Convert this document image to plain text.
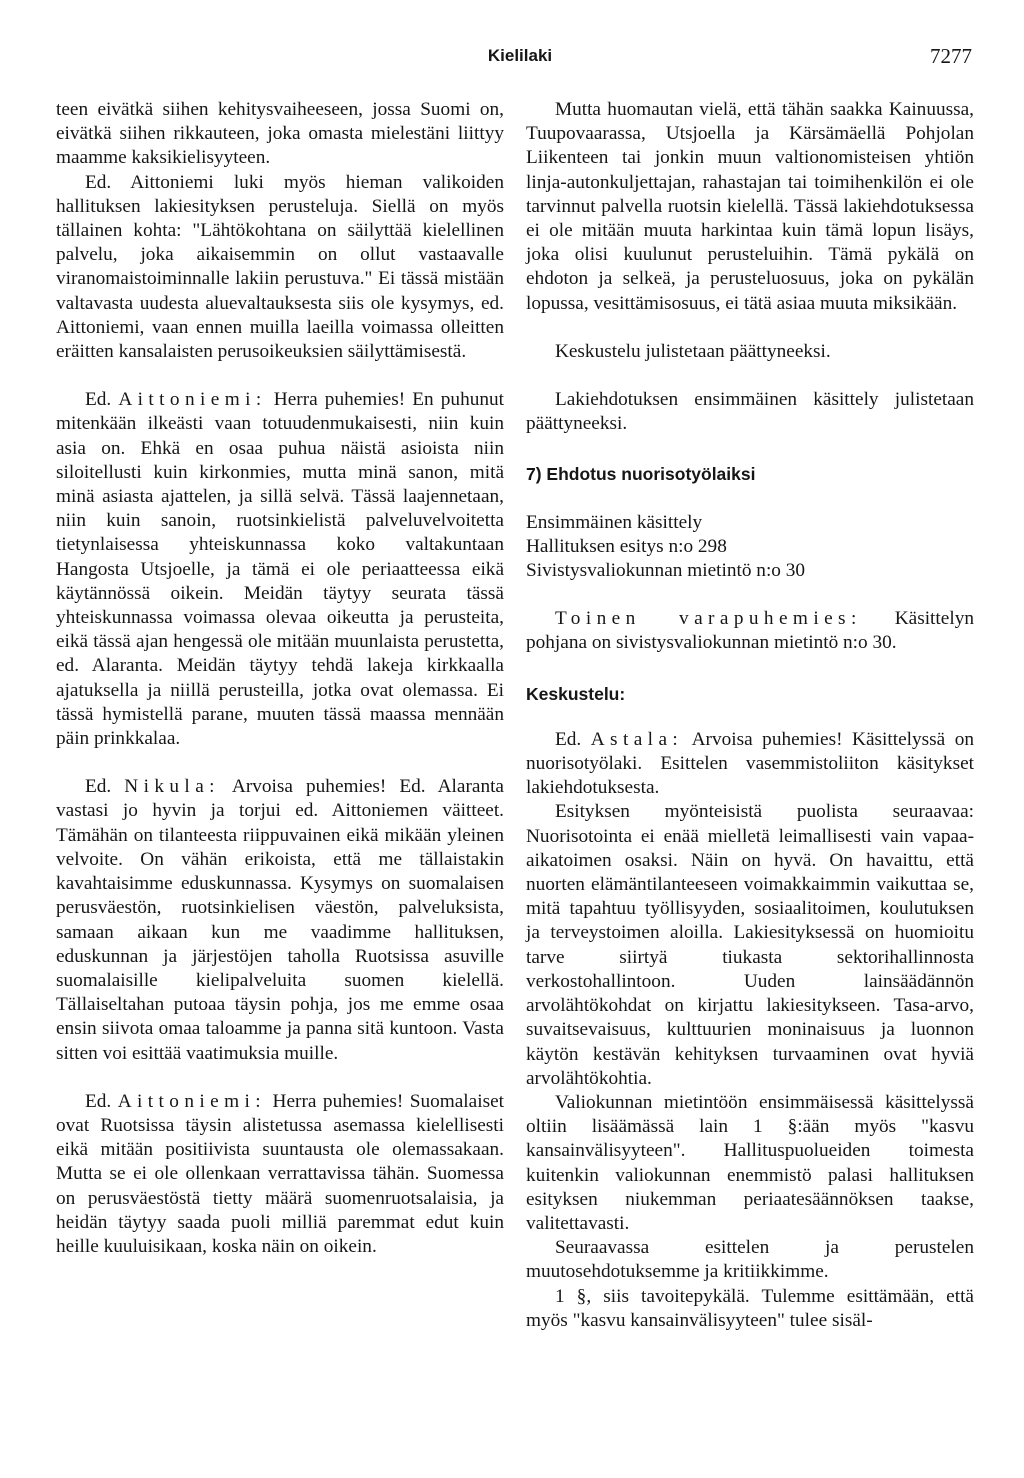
Kielilaki	7277

teen eivätkä siihen kehitysvaiheeseen, jossa Suomi on, eivätkä siihen rikkauteen, joka omasta mielestäni liittyy maamme kaksikielisyyteen.

Ed. Aittoniemi luki myös hieman valikoiden hallituksen lakiesityksen perusteluja. Siellä on myös tällainen kohta: "Lähtökohtana on säilyttää kielellinen palvelu, joka aikaisemmin on ollut vastaavalle viranomaistoiminnalle lakiin perustuva." Ei tässä mistään valtavasta uudesta aluevaltauksesta siis ole kysymys, ed. Aittoniemi, vaan ennen muilla laeilla voimassa olleitten eräitten kansalaisten perusoikeuksien säilyttämisestä.

Ed. Aittoniemi: Herra puhemies! En puhunut mitenkään ilkeästi vaan totuudenmukaisesti, niin kuin asia on. Ehkä en osaa puhua näistä asioista niin siloitellusti kuin kirkonmies, mutta minä sanon, mitä minä asiasta ajattelen, ja sillä selvä. Tässä laajennetaan, niin kuin sanoin, ruotsinkielistä palveluvelvoitetta tietynlaisessa yhteiskunnassa koko valtakuntaan Hangosta Utsjoelle, ja tämä ei ole periaatteessa eikä käytännössä oikein. Meidän täytyy seurata tässä yhteiskunnassa voimassa olevaa oikeutta ja perusteita, eikä tässä ajan hengessä ole mitään muunlaista perustetta, ed. Alaranta. Meidän täytyy tehdä lakeja kirkkaalla ajatuksella ja niillä perusteilla, jotka ovat olemassa. Ei tässä hymistellä parane, muuten tässä maassa mennään päin prinkkalaa.

Ed. Nikula: Arvoisa puhemies! Ed. Alaranta vastasi jo hyvin ja torjui ed. Aittoniemen väitteet. Tämähän on tilanteesta riippuvainen eikä mikään yleinen velvoite. On vähän erikoista, että me tällaistakin kavahtaisimme eduskunnassa. Kysymys on suomalaisen perusväestön, ruotsinkielisen väestön, palveluksista, samaan aikaan kun me vaadimme hallituksen, eduskunnan ja järjestöjen taholla Ruotsissa asuville suomalaisille kielipalveluita suomen kielellä. Tällaiseltahan putoaa täysin pohja, jos me emme osaa ensin siivota omaa taloamme ja panna sitä kuntoon. Vasta sitten voi esittää vaatimuksia muille.

Ed. Aittoniemi: Herra puhemies! Suomalaiset ovat Ruotsissa täysin alistetussa asemassa kielellisesti eikä mitään positiivista suuntausta ole olemassakaan. Mutta se ei ole ollenkaan verrattavissa tähän. Suomessa on perusväestöstä tietty määrä suomenruotsalaisia, ja heidän täytyy saada puoli milliä paremmat edut kuin heille kuuluisikaan, koska näin on oikein.

Mutta huomautan vielä, että tähän saakka Kainuussa, Tuupovaarassa, Utsjoella ja Kärsämäellä Pohjolan Liikenteen tai jonkin muun valtionomisteisen yhtiön linja-autonkuljettajan, rahastajan tai toimihenkilön ei ole tarvinnut palvella ruotsin kielellä. Tässä lakiehdotuksessa ei ole mitään muuta harkintaa kuin tämä lopun lisäys, joka olisi kuulunut perusteluihin. Tämä pykälä on ehdoton ja selkeä, ja perusteluosuus, joka on pykälän lopussa, vesittämisosuus, ei tätä asiaa muuta miksikään.

Keskustelu julistetaan päättyneeksi.

Lakiehdotuksen ensimmäinen käsittely julistetaan päättyneeksi.

7) Ehdotus nuorisotyölaiksi
Ensimmäinen käsittely
Hallituksen esitys n:o 298
Sivistysvaliokunnan mietintö n:o 30

Toinen varapuhemies: Käsittelyn pohjana on sivistysvaliokunnan mietintö n:o 30.

Keskustelu:

Ed. Astala: Arvoisa puhemies! Käsittelyssä on nuorisotyölaki. Esittelen vasemmistoliiton käsitykset lakiehdotuksesta.

Esityksen myönteisistä puolista seuraavaa: Nuorisotointa ei enää mielletä leimallisesti vain vapaa-aikatoimen osaksi. Näin on hyvä. On havaittu, että nuorten elämäntilanteeseen voimakkaimmin vaikuttaa se, mitä tapahtuu työllisyyden, sosiaalitoimen, koulutuksen ja terveystoimen aloilla. Lakiesityksessä on huomioitu tarve siirtyä tiukasta sektorihallinnosta verkostohallintoon. Uuden lainsäädännön arvolähtökohdat on kirjattu lakiesitykseen. Tasa-arvo, suvaitsevaisuus, kulttuurien moninaisuus ja luonnon käytön kestävän kehityksen turvaaminen ovat hyviä arvolähtökohtia.

Valiokunnan mietintöön ensimmäisessä käsittelyssä oltiin lisäämässä lain 1 §:ään myös "kasvu kansainvälisyyteen". Hallituspuolueiden toimesta kuitenkin valiokunnan enemmistö palasi hallituksen esityksen niukemman periaatesäännöksen taakse, valitettavasti.

Seuraavassa esittelen ja perustelen muutosehdotuksemme ja kritiikkimme.

1 §, siis tavoitepykälä. Tulemme esittämään, että myös "kasvu kansainvälisyyteen" tulee sisäl-
